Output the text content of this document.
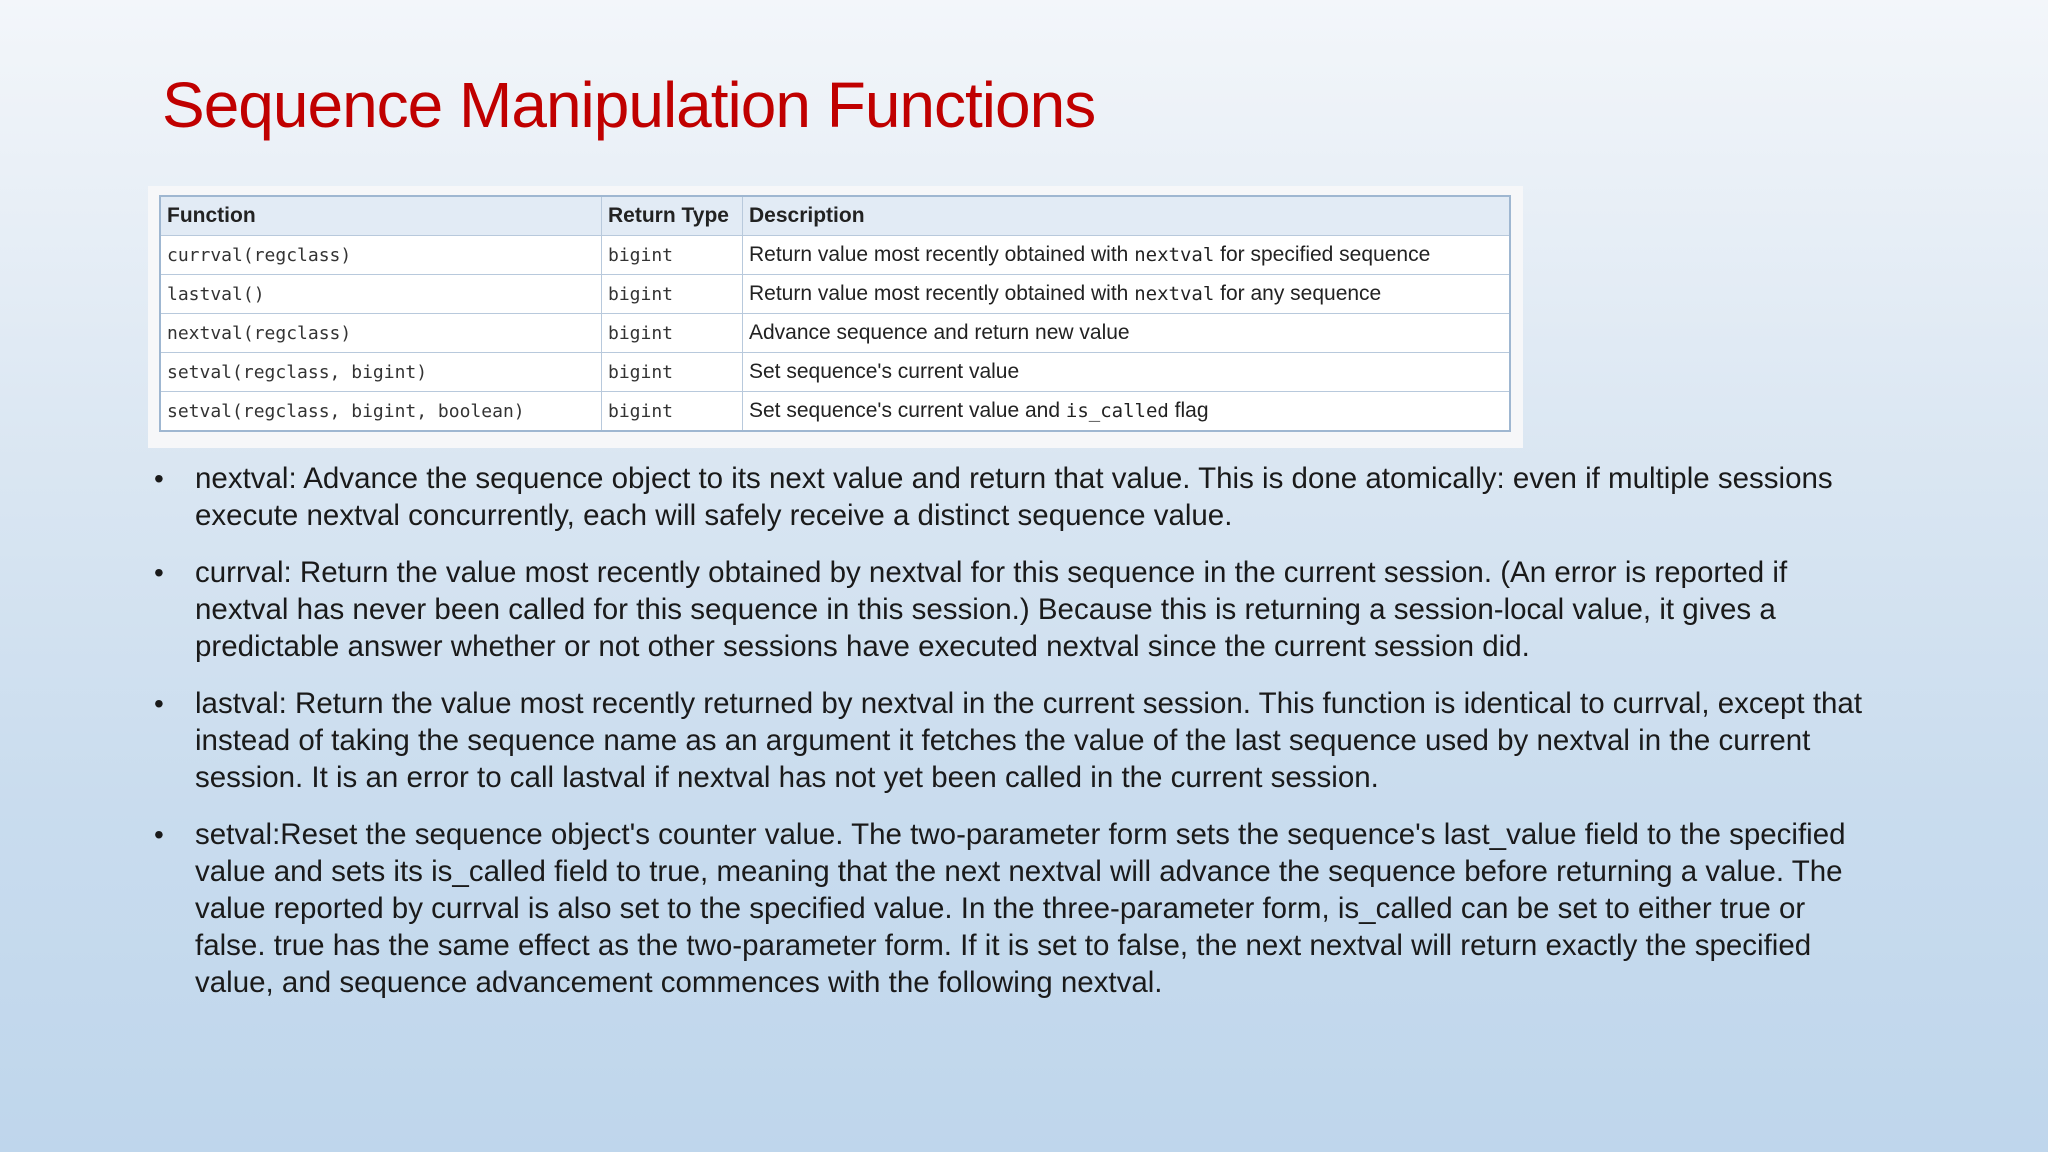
Sequence Manipulation Functions
Function	Return Type	Description
currval(regclass)	bigint	Return value most recently obtained with nextval for specified sequence
lastval()	bigint	Return value most recently obtained with nextval for any sequence
nextval(regclass)	bigint	Advance sequence and return new value
setval(regclass, bigint)	bigint	Set sequence's current value
setval(regclass, bigint, boolean)	bigint	Set sequence's current value and is_called flag
• nextval: Advance the sequence object to its next value and return that value. This is done atomically: even if multiple sessions execute nextval concurrently, each will safely receive a distinct sequence value.
• currval: Return the value most recently obtained by nextval for this sequence in the current session. (An error is reported if nextval has never been called for this sequence in this session.) Because this is returning a session-local value, it gives a predictable answer whether or not other sessions have executed nextval since the current session did.
• lastval: Return the value most recently returned by nextval in the current session. This function is identical to currval, except that instead of taking the sequence name as an argument it fetches the value of the last sequence used by nextval in the current session. It is an error to call lastval if nextval has not yet been called in the current session.
• setval:Reset the sequence object's counter value. The two-parameter form sets the sequence's last_value field to the specified value and sets its is_called field to true, meaning that the next nextval will advance the sequence before returning a value. The value reported by currval is also set to the specified value. In the three-parameter form, is_called can be set to either true or false. true has the same effect as the two-parameter form. If it is set to false, the next nextval will return exactly the specified value, and sequence advancement commences with the following nextval.
